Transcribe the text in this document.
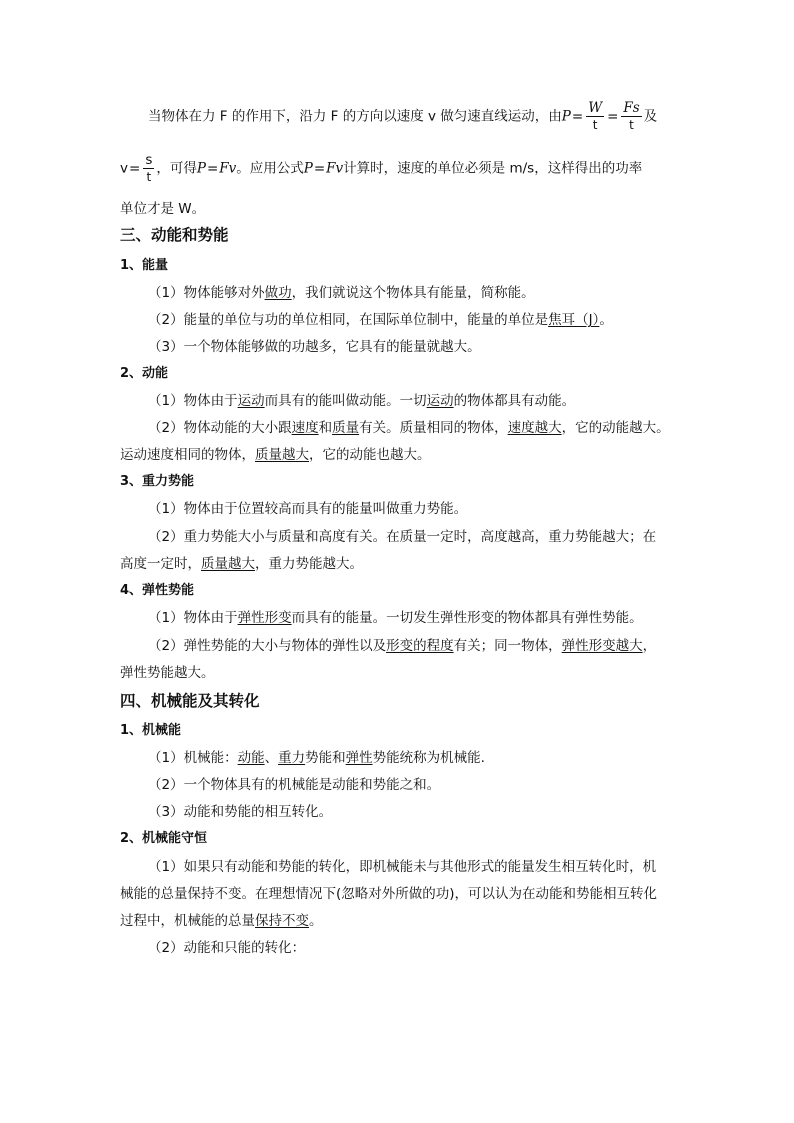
当物体在力 F 的作用下，沿力 F 的方向以速度 v 做匀速直线运动，由$P= \frac{W}{t} = \frac{Fs}{t}$ 及
$v= \frac{s}{t}$ ，可得P=Fv。应用公式P=Fv计算时，速度的单位必须是 m/s，这样得出的功率
单位才是 W。
三、动能和势能
1、能量
（1）物体能够对外做功，我们就说这个物体具有能量，简称能。
（2）能量的单位与功的单位相同，在国际单位制中，能量的单位是焦耳（J）。
（3）一个物体能够做的功越多，它具有的能量就越大。
2、动能
（1）物体由于运动而具有的能叫做动能。一切运动的物体都具有动能。
（2）物体动能的大小跟速度和质量有关。质量相同的物体，速度越大，它的动能越大。
运动速度相同的物体，质量越大，它的动能也越大。
3、重力势能
（1）物体由于位置较高而具有的能量叫做重力势能。
（2）重力势能大小与质量和高度有关。在质量一定时，高度越高，重力势能越大；在
高度一定时，质量越大，重力势能越大。
4、弹性势能
（1）物体由于弹性形变而具有的能量。一切发生弹性形变的物体都具有弹性势能。
（2）弹性势能的大小与物体的弹性以及形变的程度有关；同一物体，弹性形变越大，
弹性势能越大。
四、机械能及其转化
1、机械能
（1）机械能：动能、重力势能和弹性势能统称为机械能.
（2）一个物体具有的机械能是动能和势能之和。
（3）动能和势能的相互转化。
2、机械能守恒
（1）如果只有动能和势能的转化，即机械能未与其他形式的能量发生相互转化时，机
械能的总量保持不变。在理想情况下(忽略对外所做的功)，可以认为在动能和势能相互转化
过程中，机械能的总量保持不变。
（2）动能和只能的转化：
